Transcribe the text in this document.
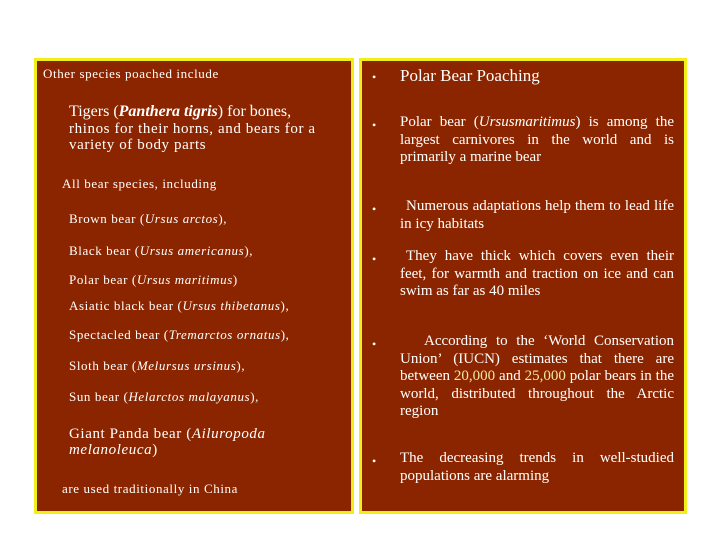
Other species poached include
Tigers (Panthera tigris) for bones,
rhinos for their horns, and bears for a variety of body parts
All bear species, including
Brown bear (Ursus arctos),
Black bear (Ursus americanus),
Polar bear (Ursus maritimus)
Asiatic black bear (Ursus thibetanus),
Spectacled bear (Tremarctos ornatus),
Sloth bear (Melursus ursinus),
Sun bear (Helarctos malayanus),
Giant Panda bear (Ailuropoda melanoleuca)
are used traditionally in China
• Polar Bear Poaching
• Polar bear (Ursusmaritimus) is among the largest carnivores in the world and is primarily a marine bear
•	Numerous adaptations help them to lead life in icy habitats
•	They have thick which covers even their feet, for warmth and traction on ice and can swim as far as 40 miles
•	According to the ‘World Conservation Union’ (IUCN) estimates that there are between 20,000 and 25,000 polar bears in the world, distributed throughout the Arctic region
• The decreasing trends in well-studied populations are alarming
